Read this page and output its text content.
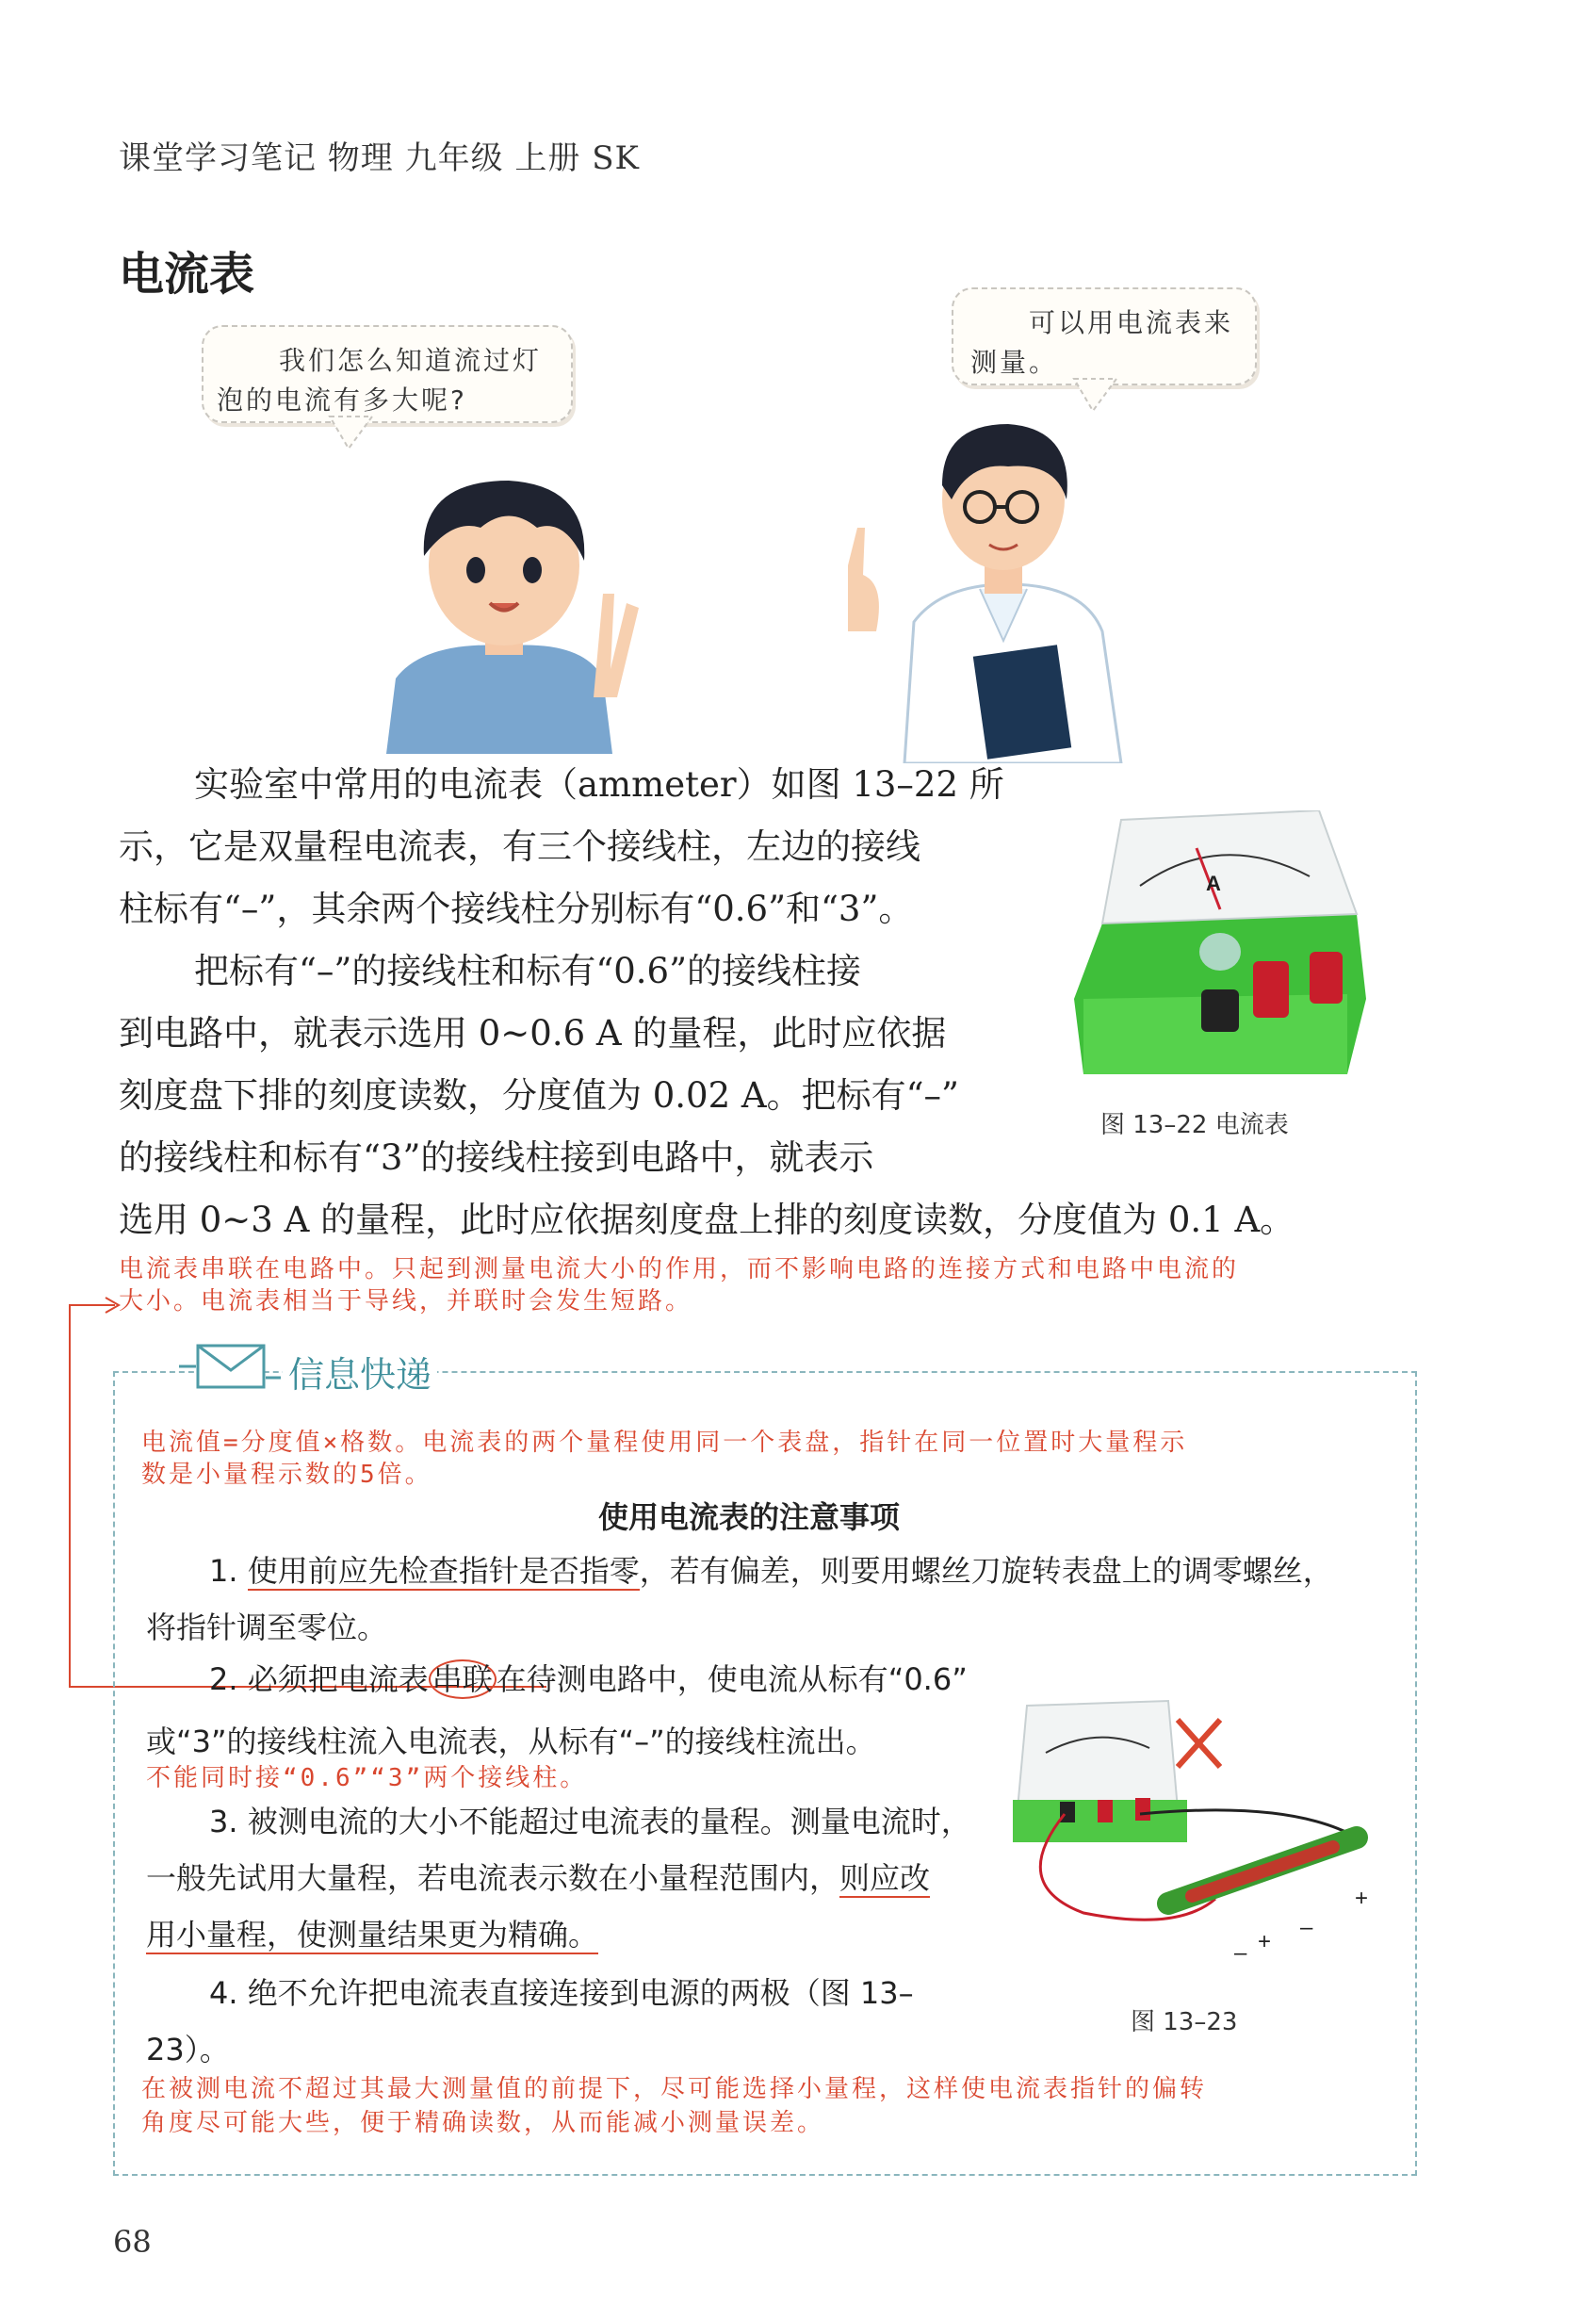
课堂学习笔记 物理 九年级 上册 SK
电流表
我们怎么知道流过灯
泡的电流有多大呢?
可以用电流表来
测量。
实验室中常用的电流表（ammeter）如图 13–22 所
示，它是双量程电流表，有三个接线柱，左边的接线
柱标有“–”，其余两个接线柱分别标有“0.6”和“3”。
把标有“–”的接线柱和标有“0.6”的接线柱接
到电路中，就表示选用 0~0.6 A 的量程，此时应依据
刻度盘下排的刻度读数，分度值为 0.02 A。把标有“–”
的接线柱和标有“3”的接线柱接到电路中，就表示
选用 0~3 A 的量程，此时应依据刻度盘上排的刻度读数，分度值为 0.1 A。
A
图 13–22 电流表
电流表串联在电路中。只起到测量电流大小的作用，而不影响电路的连接方式和电路中电流的
大小。电流表相当于导线，并联时会发生短路。
信息快递
电流值=分度值×格数。电流表的两个量程使用同一个表盘，指针在同一位置时大量程示
数是小量程示数的5倍。
使用电流表的注意事项
1. 使用前应先检查指针是否指零，若有偏差，则要用螺丝刀旋转表盘上的调零螺丝，
将指针调至零位。
2. 必须把电流表 串联 在待测电路中，使电流从标有“0.6”
或“3”的接线柱流入电流表，从标有“–”的接线柱流出。
不能同时接“0.6”“3”两个接线柱。
3. 被测电流的大小不能超过电流表的量程。测量电流时，
一般先试用大量程，若电流表示数在小量程范围内，则应改
用小量程，使测量结果更为精确。
4. 绝不允许把电流表直接连接到电源的两极（图 13–
23）。
– +
–
+
图 13–23
在被测电流不超过其最大测量值的前提下，尽可能选择小量程，这样使电流表指针的偏转
角度尽可能大些，便于精确读数，从而能减小测量误差。
68
